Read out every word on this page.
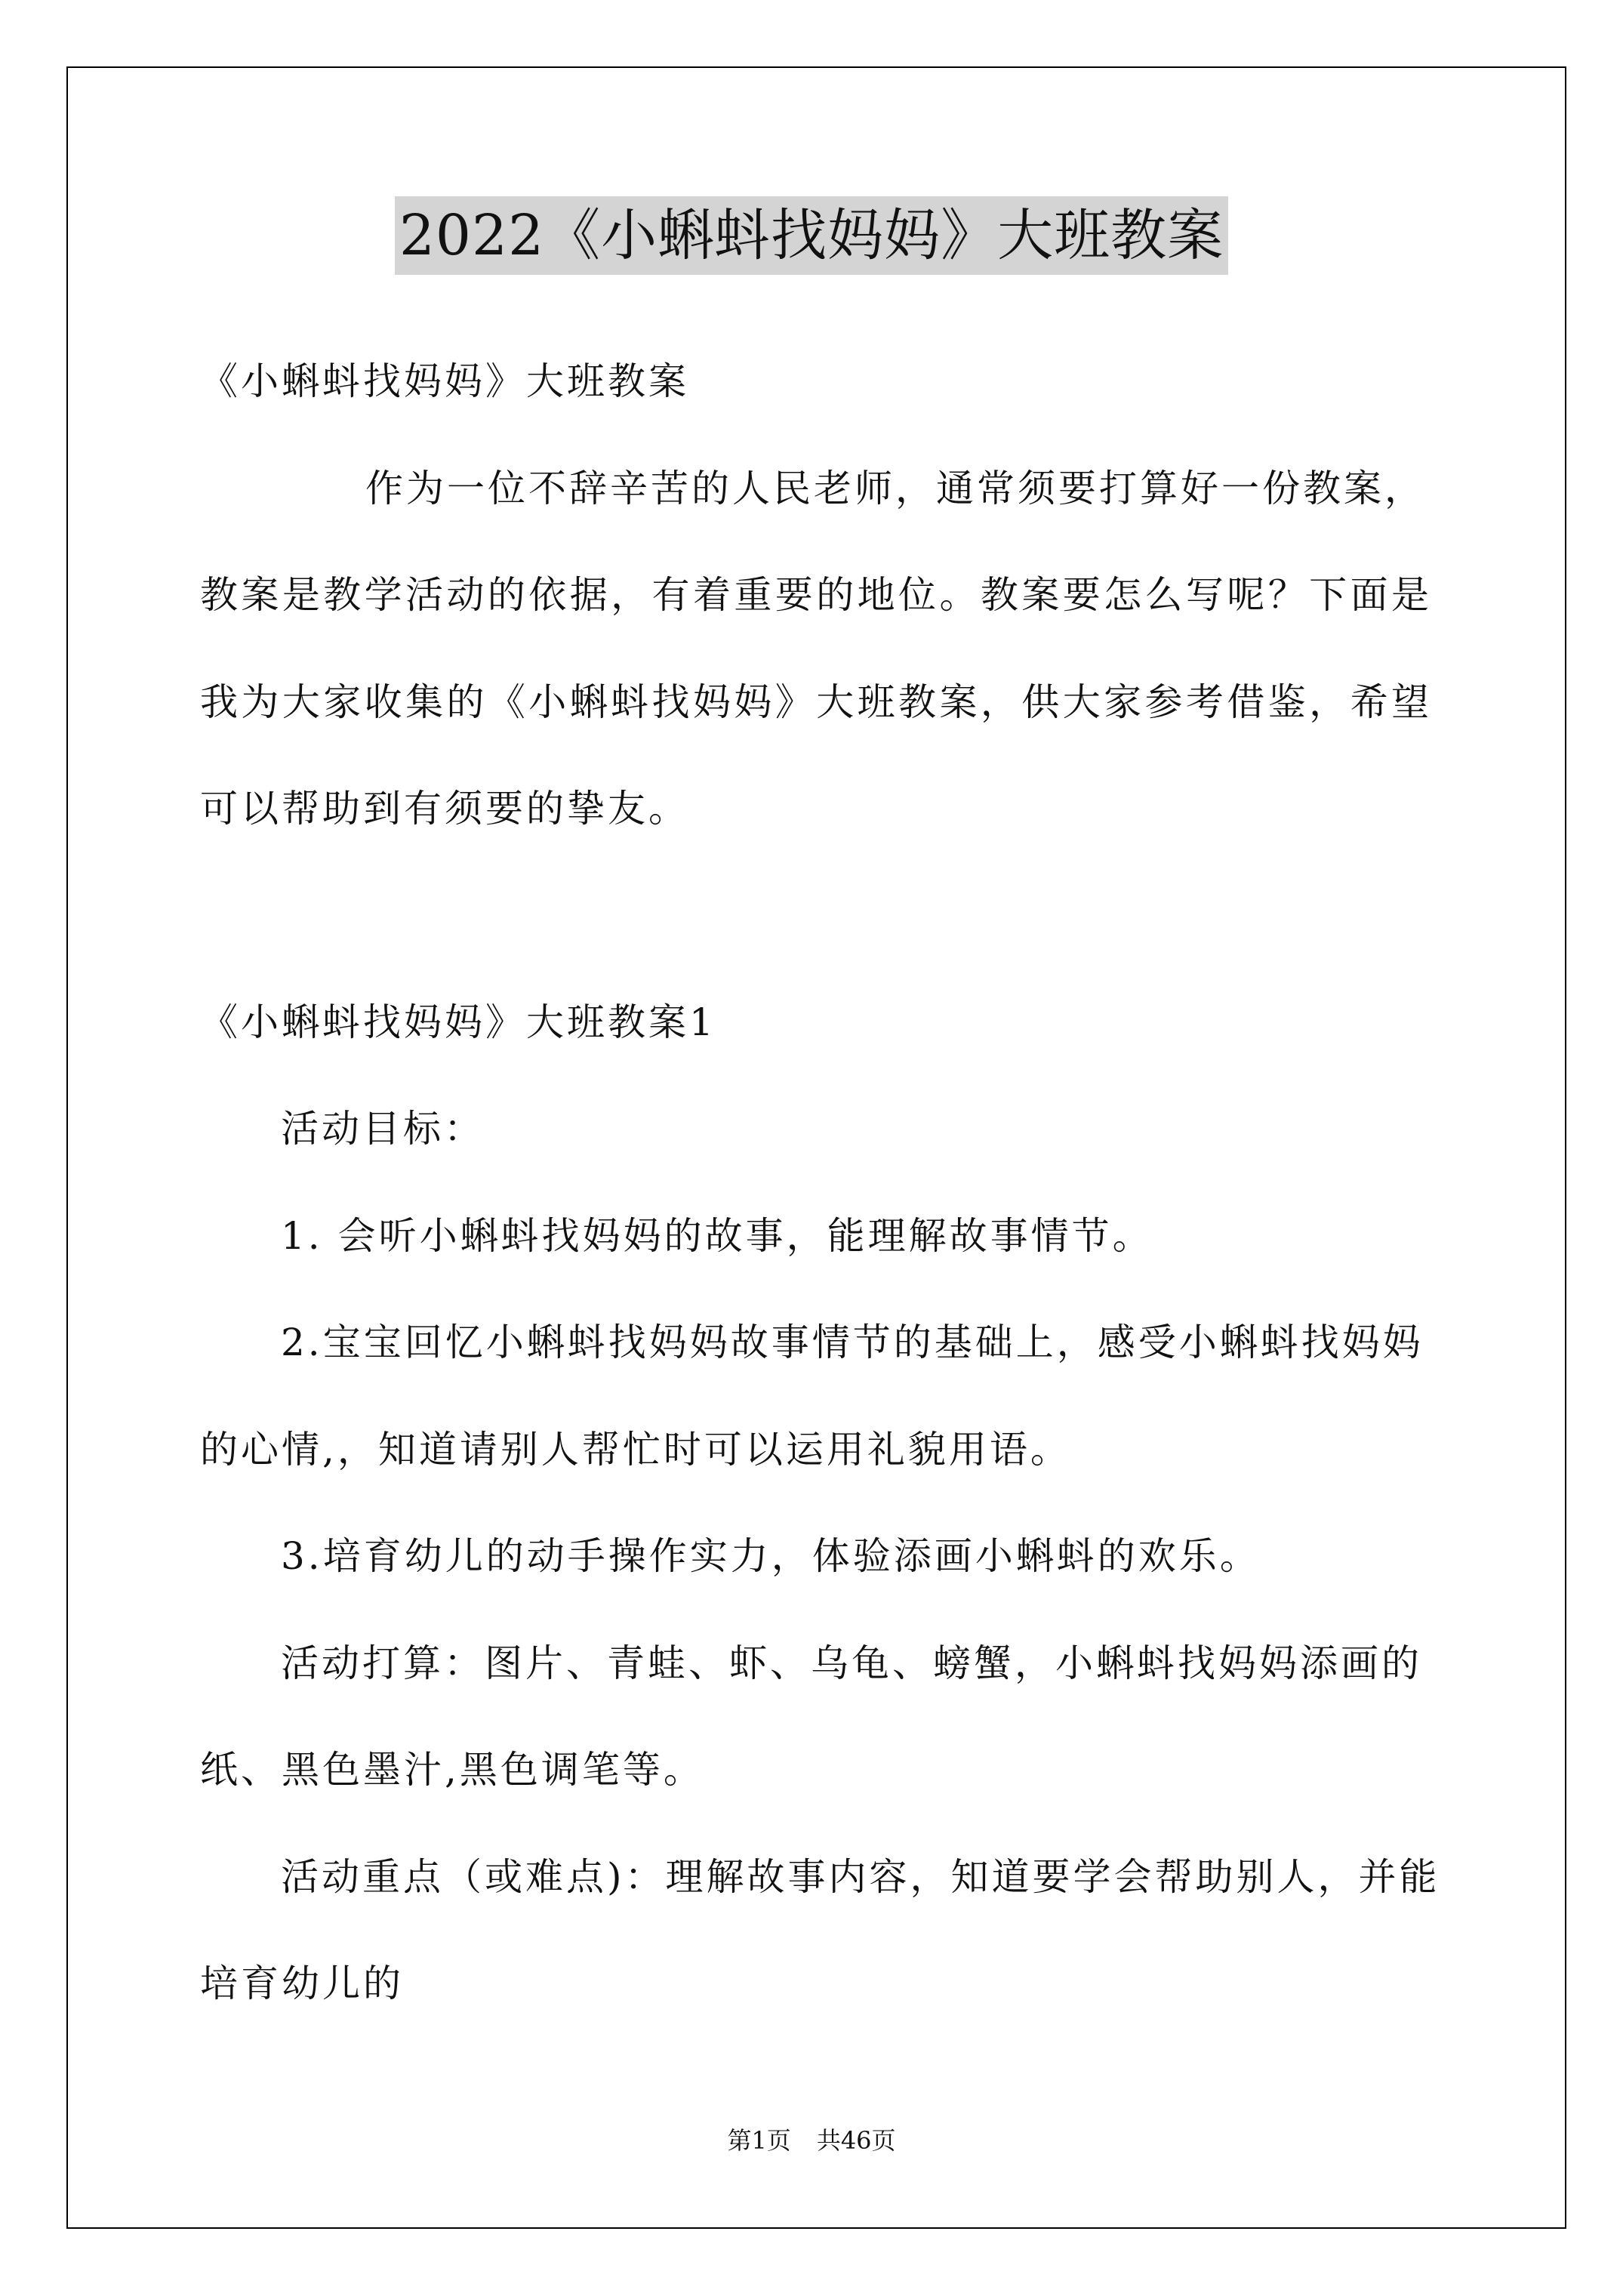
2022《小蝌蚪找妈妈》大班教案
《小蝌蚪找妈妈》大班教案
作为一位不辞辛苦的人民老师，通常须要打算好一份教案，
教案是教学活动的依据，有着重要的地位。教案要怎么写呢？下面是
我为大家收集的《小蝌蚪找妈妈》大班教案，供大家参考借鉴，希望
可以帮助到有须要的挚友。
《小蝌蚪找妈妈》大班教案1
活动目标：
1. 会听小蝌蚪找妈妈的故事，能理解故事情节。
2.宝宝回忆小蝌蚪找妈妈故事情节的基础上，感受小蝌蚪找妈妈
的心情,，知道请别人帮忙时可以运用礼貌用语。
3.培育幼儿的动手操作实力，体验添画小蝌蚪的欢乐。
活动打算：图片、青蛙、虾、乌龟、螃蟹，小蝌蚪找妈妈添画的
纸、黑色墨汁,黑色调笔等。
活动重点（或难点)：理解故事内容，知道要学会帮助别人，并能
培育幼儿的
第1页 共46页
